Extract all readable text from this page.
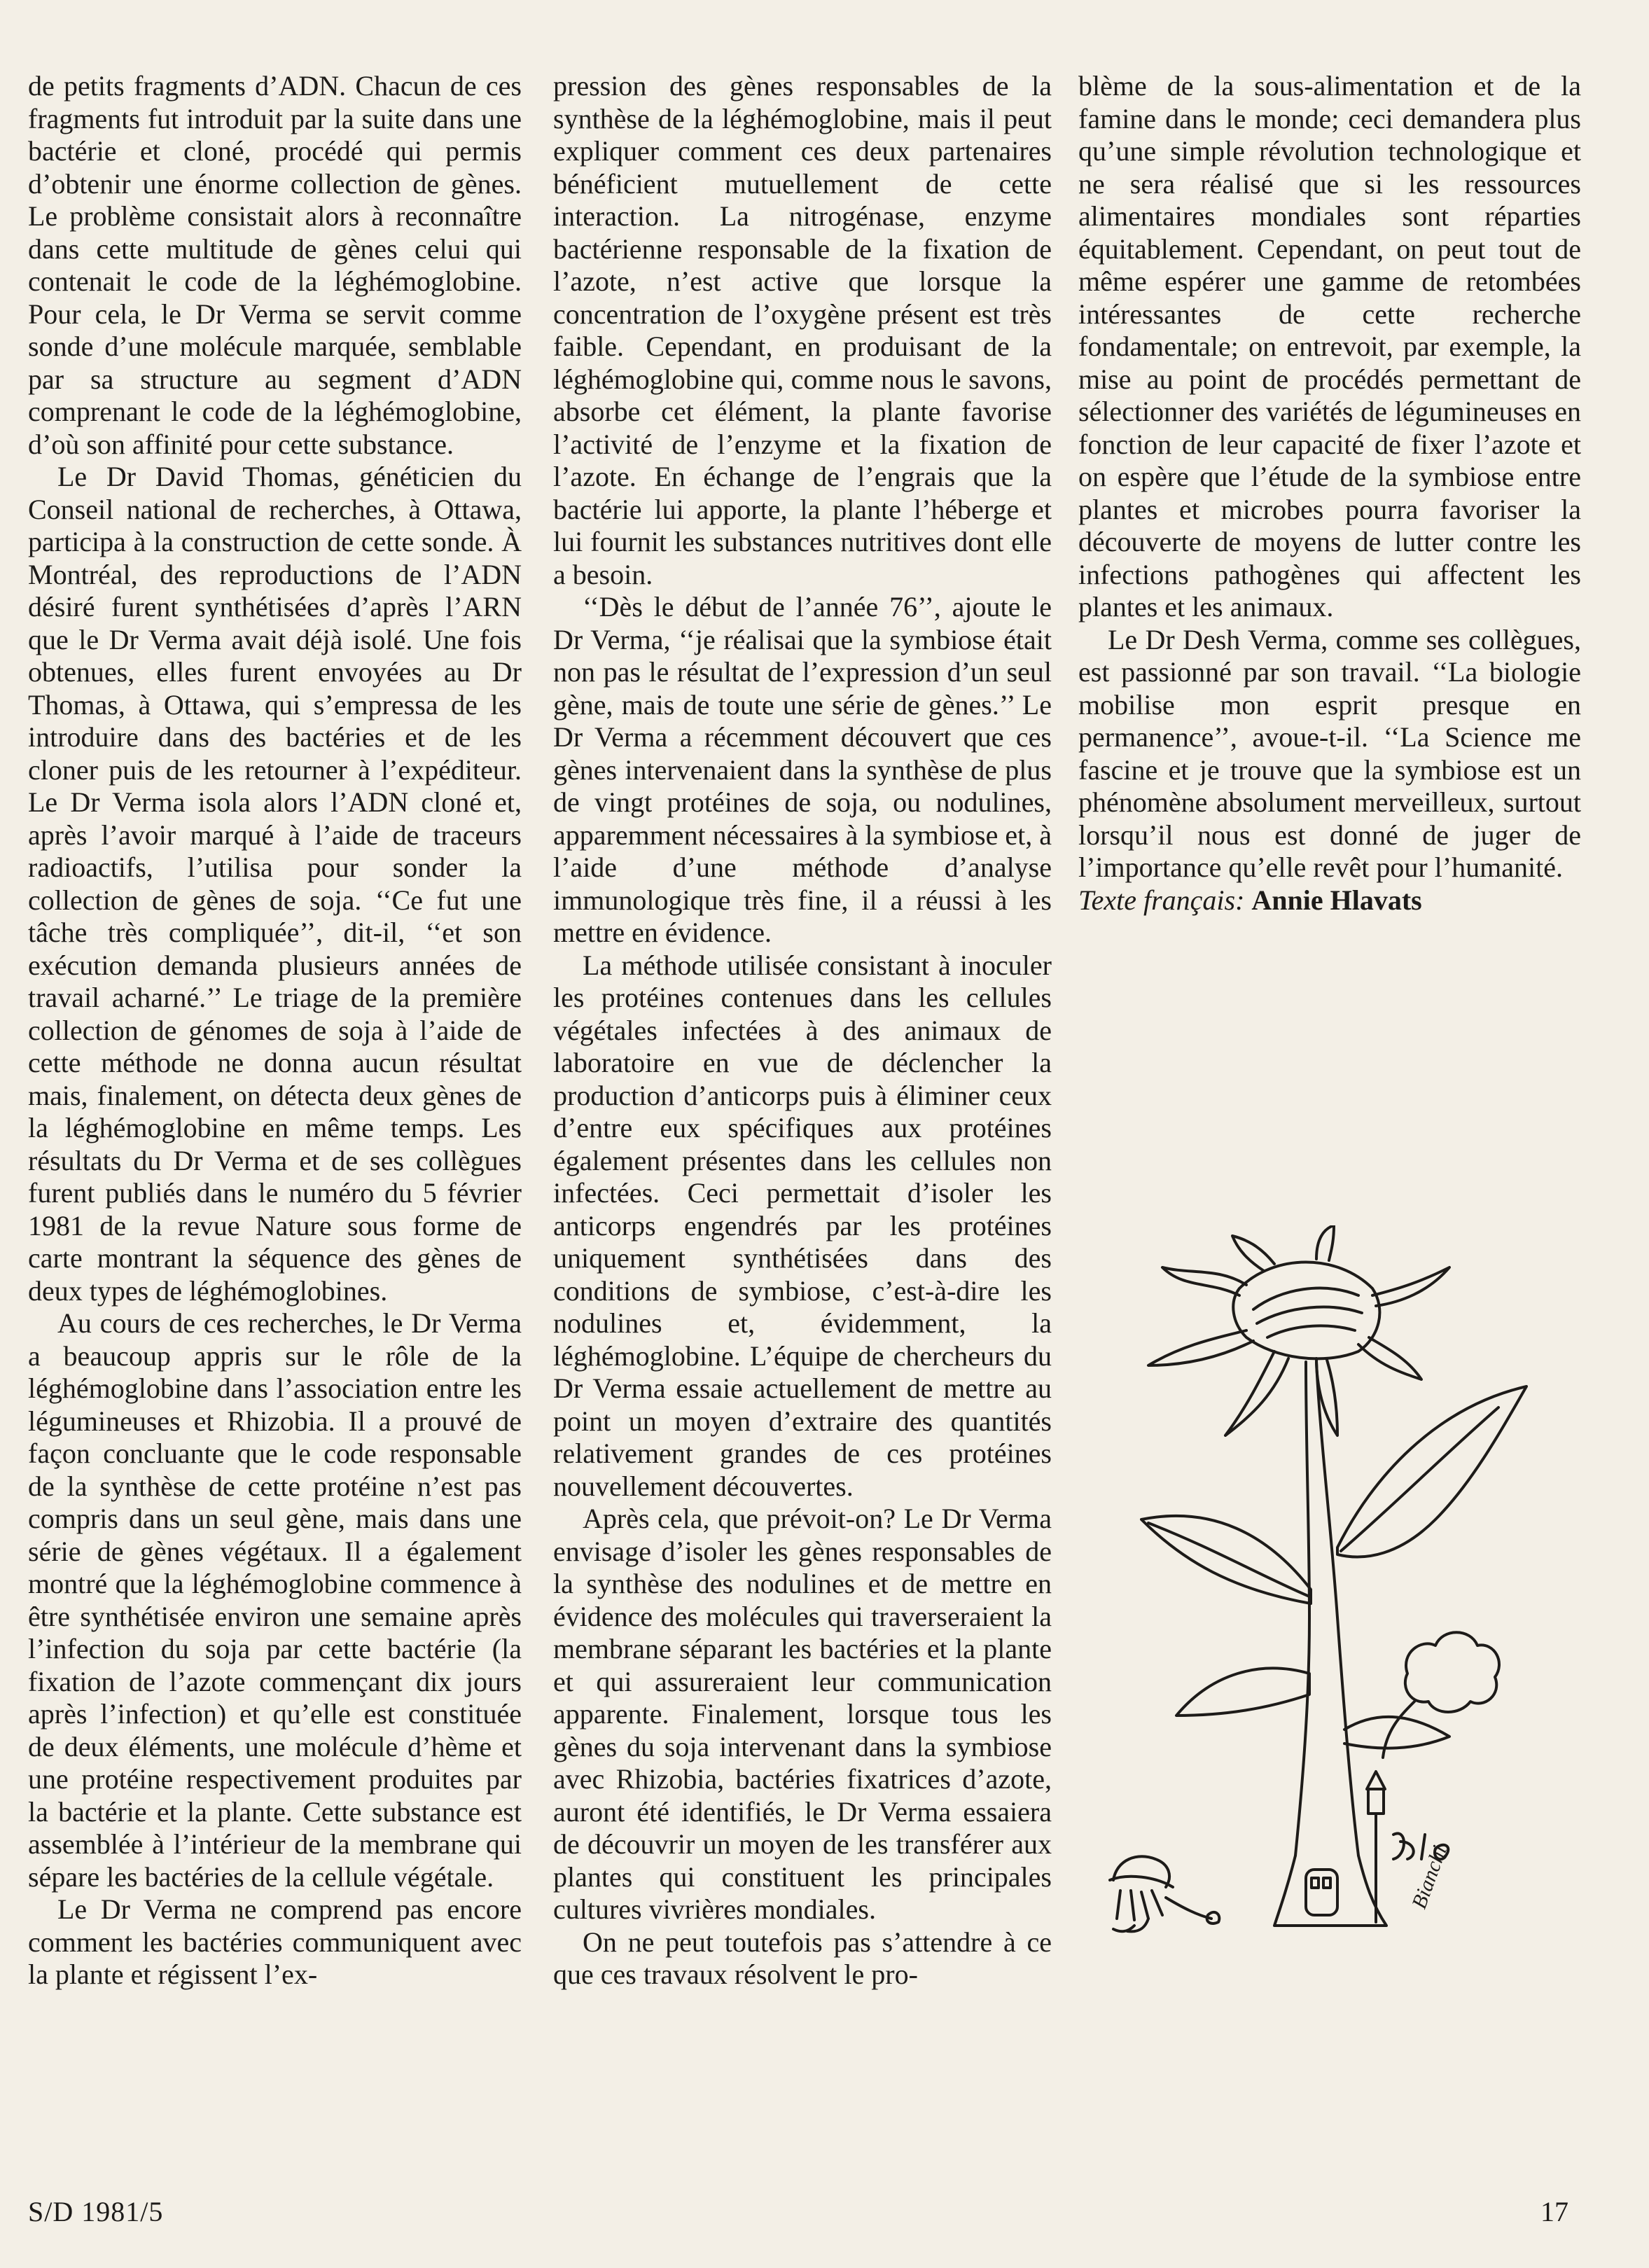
de petits fragments d’ADN. Chacun de ces fragments fut introduit par la suite dans une bactérie et cloné, procédé qui permis d’obtenir une énorme collection de gènes. Le problème consistait alors à reconnaître dans cette multitude de gènes celui qui contenait le code de la léghémoglobine. Pour cela, le Dr Verma se servit comme sonde d’une molécule marquée, semblable par sa structure au segment d’ADN comprenant le code de la léghémoglobine, d’où son affinité pour cette substance.

Le Dr David Thomas, généticien du Conseil national de recherches, à Ottawa, participa à la construction de cette sonde. À Montréal, des reproductions de l’ADN désiré furent synthétisées d’après l’ARN que le Dr Verma avait déjà isolé. Une fois obtenues, elles furent envoyées au Dr Thomas, à Ottawa, qui s’empressa de les introduire dans des bactéries et de les cloner puis de les retourner à l’expéditeur. Le Dr Verma isola alors l’ADN cloné et, après l’avoir marqué à l’aide de traceurs radioactifs, l’utilisa pour sonder la collection de gènes de soja. ‘‘Ce fut une tâche très compliquée’’, dit-il, ‘‘et son exécution demanda plusieurs années de travail acharné.’’ Le triage de la première collection de génomes de soja à l’aide de cette méthode ne donna aucun résultat mais, finalement, on détecta deux gènes de la léghémoglobine en même temps. Les résultats du Dr Verma et de ses collègues furent publiés dans le numéro du 5 février 1981 de la revue Nature sous forme de carte montrant la séquence des gènes de deux types de léghémoglobines.

Au cours de ces recherches, le Dr Verma a beaucoup appris sur le rôle de la léghémoglobine dans l’association entre les légumineuses et Rhizobia. Il a prouvé de façon concluante que le code responsable de la synthèse de cette protéine n’est pas compris dans un seul gène, mais dans une série de gènes végétaux. Il a également montré que la léghémoglobine commence à être synthétisée environ une semaine après l’infection du soja par cette bactérie (la fixation de l’azote commençant dix jours après l’infection) et qu’elle est constituée de deux éléments, une molécule d’hème et une protéine respectivement produites par la bactérie et la plante. Cette substance est assemblée à l’intérieur de la membrane qui sépare les bactéries de la cellule végétale.

Le Dr Verma ne comprend pas encore comment les bactéries communiquent avec la plante et régissent l’ex-

pression des gènes responsables de la synthèse de la léghémoglobine, mais il peut expliquer comment ces deux partenaires bénéficient mutuellement de cette interaction. La nitrogénase, enzyme bactérienne responsable de la fixation de l’azote, n’est active que lorsque la concentration de l’oxygène présent est très faible. Cependant, en produisant de la léghémoglobine qui, comme nous le savons, absorbe cet élément, la plante favorise l’activité de l’enzyme et la fixation de l’azote. En échange de l’engrais que la bactérie lui apporte, la plante l’héberge et lui fournit les substances nutritives dont elle a besoin.

‘‘Dès le début de l’année 76’’, ajoute le Dr Verma, ‘‘je réalisai que la symbiose était non pas le résultat de l’expression d’un seul gène, mais de toute une série de gènes.’’ Le Dr Verma a récemment découvert que ces gènes intervenaient dans la synthèse de plus de vingt protéines de soja, ou nodulines, apparemment nécessaires à la symbiose et, à l’aide d’une méthode d’analyse immunologique très fine, il a réussi à les mettre en évidence.

La méthode utilisée consistant à inoculer les protéines contenues dans les cellules végétales infectées à des animaux de laboratoire en vue de déclencher la production d’anticorps puis à éliminer ceux d’entre eux spécifiques aux protéines également présentes dans les cellules non infectées. Ceci permettait d’isoler les anticorps engendrés par les protéines uniquement synthétisées dans des conditions de symbiose, c’est-à-dire les nodulines et, évidemment, la léghémoglobine. L’équipe de chercheurs du Dr Verma essaie actuellement de mettre au point un moyen d’extraire des quantités relativement grandes de ces protéines nouvellement découvertes.

Après cela, que prévoit-on? Le Dr Verma envisage d’isoler les gènes responsables de la synthèse des nodulines et de mettre en évidence des molécules qui traverseraient la membrane séparant les bactéries et la plante et qui assureraient leur communication apparente. Finalement, lorsque tous les gènes du soja intervenant dans la symbiose avec Rhizobia, bactéries fixatrices d’azote, auront été identifiés, le Dr Verma essaiera de découvrir un moyen de les transférer aux plantes qui constituent les principales cultures vivrières mondiales.

On ne peut toutefois pas s’attendre à ce que ces travaux résolvent le pro-

blème de la sous-alimentation et de la famine dans le monde; ceci demandera plus qu’une simple révolution technologique et ne sera réalisé que si les ressources alimentaires mondiales sont réparties équitablement. Cependant, on peut tout de même espérer une gamme de retombées intéressantes de cette recherche fondamentale; on entrevoit, par exemple, la mise au point de procédés permettant de sélectionner des variétés de légumineuses en fonction de leur capacité de fixer l’azote et on espère que l’étude de la symbiose entre plantes et microbes pourra favoriser la découverte de moyens de lutter contre les infections pathogènes qui affectent les plantes et les animaux.

Le Dr Desh Verma, comme ses collègues, est passionné par son travail. ‘‘La biologie mobilise mon esprit presque en permanence’’, avoue-t-il. ‘‘La Science me fascine et je trouve que la symbiose est un phénomène absolument merveilleux, surtout lorsqu’il nous est donné de juger de l’importance qu’elle revêt pour l’humanité.

Texte français: Annie Hlavats

Bianchi
S/D 1981/5	17
